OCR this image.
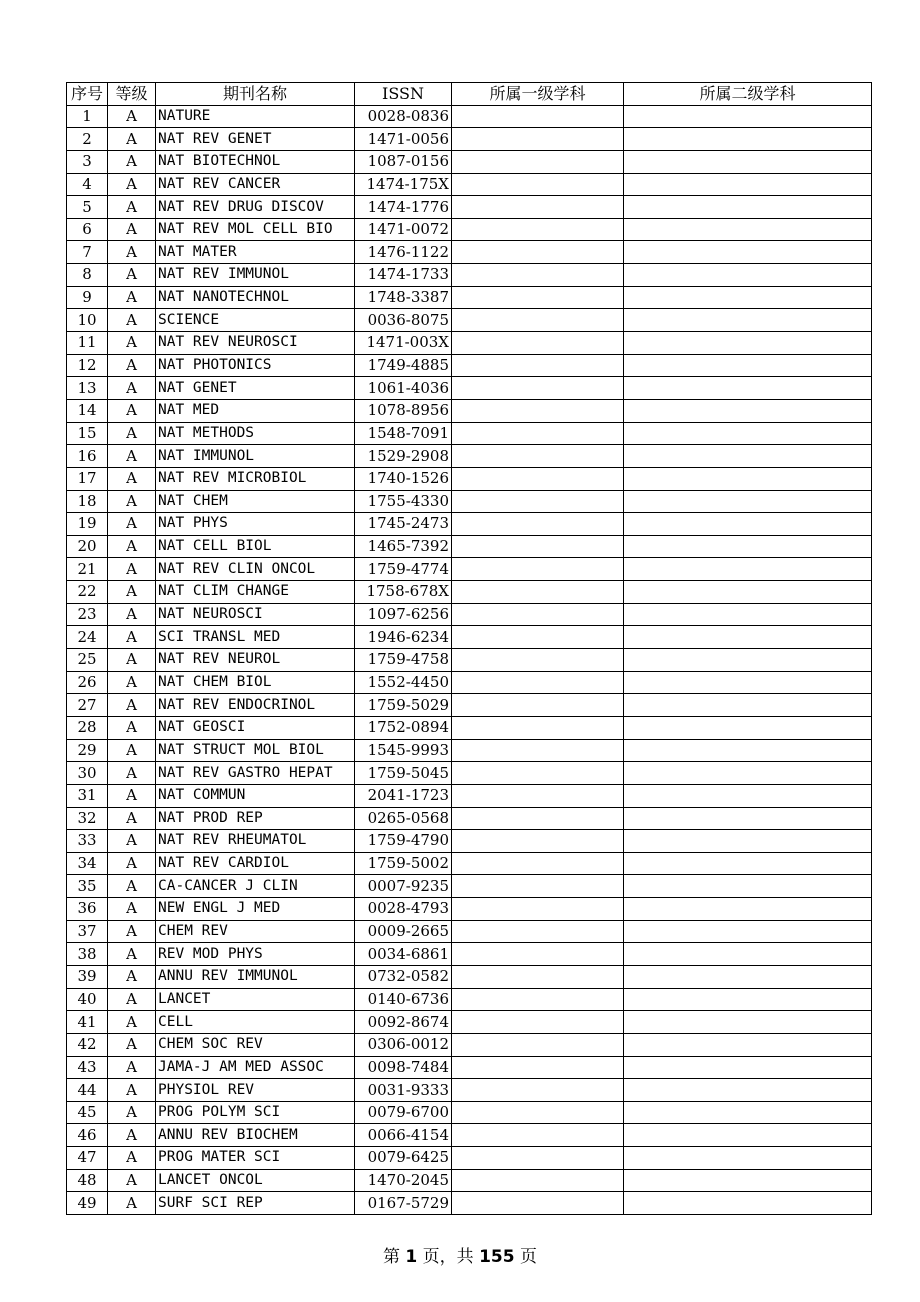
序号	等级	期刊名称	ISSN	所属一级学科	所属二级学科
1	A	NATURE	0028-0836		
2	A	NAT REV GENET	1471-0056		
3	A	NAT BIOTECHNOL	1087-0156		
4	A	NAT REV CANCER	1474-175X		
5	A	NAT REV DRUG DISCOV	1474-1776		
6	A	NAT REV MOL CELL BIO	1471-0072		
7	A	NAT MATER	1476-1122		
8	A	NAT REV IMMUNOL	1474-1733		
9	A	NAT NANOTECHNOL	1748-3387		
10	A	SCIENCE	0036-8075		
11	A	NAT REV NEUROSCI	1471-003X		
12	A	NAT PHOTONICS	1749-4885		
13	A	NAT GENET	1061-4036		
14	A	NAT MED	1078-8956		
15	A	NAT METHODS	1548-7091		
16	A	NAT IMMUNOL	1529-2908		
17	A	NAT REV MICROBIOL	1740-1526		
18	A	NAT CHEM	1755-4330		
19	A	NAT PHYS	1745-2473		
20	A	NAT CELL BIOL	1465-7392		
21	A	NAT REV CLIN ONCOL	1759-4774		
22	A	NAT CLIM CHANGE	1758-678X		
23	A	NAT NEUROSCI	1097-6256		
24	A	SCI TRANSL MED	1946-6234		
25	A	NAT REV NEUROL	1759-4758		
26	A	NAT CHEM BIOL	1552-4450		
27	A	NAT REV ENDOCRINOL	1759-5029		
28	A	NAT GEOSCI	1752-0894		
29	A	NAT STRUCT MOL BIOL	1545-9993		
30	A	NAT REV GASTRO HEPAT	1759-5045		
31	A	NAT COMMUN	2041-1723		
32	A	NAT PROD REP	0265-0568		
33	A	NAT REV RHEUMATOL	1759-4790		
34	A	NAT REV CARDIOL	1759-5002		
35	A	CA-CANCER J CLIN	0007-9235		
36	A	NEW ENGL J MED	0028-4793		
37	A	CHEM REV	0009-2665		
38	A	REV MOD PHYS	0034-6861		
39	A	ANNU REV IMMUNOL	0732-0582		
40	A	LANCET	0140-6736		
41	A	CELL	0092-8674		
42	A	CHEM SOC REV	0306-0012		
43	A	JAMA-J AM MED ASSOC	0098-7484		
44	A	PHYSIOL REV	0031-9333		
45	A	PROG POLYM SCI	0079-6700		
46	A	ANNU REV BIOCHEM	0066-4154		
47	A	PROG MATER SCI	0079-6425		
48	A	LANCET ONCOL	1470-2045		
49	A	SURF SCI REP	0167-5729		
第 1 页，共 155 页
